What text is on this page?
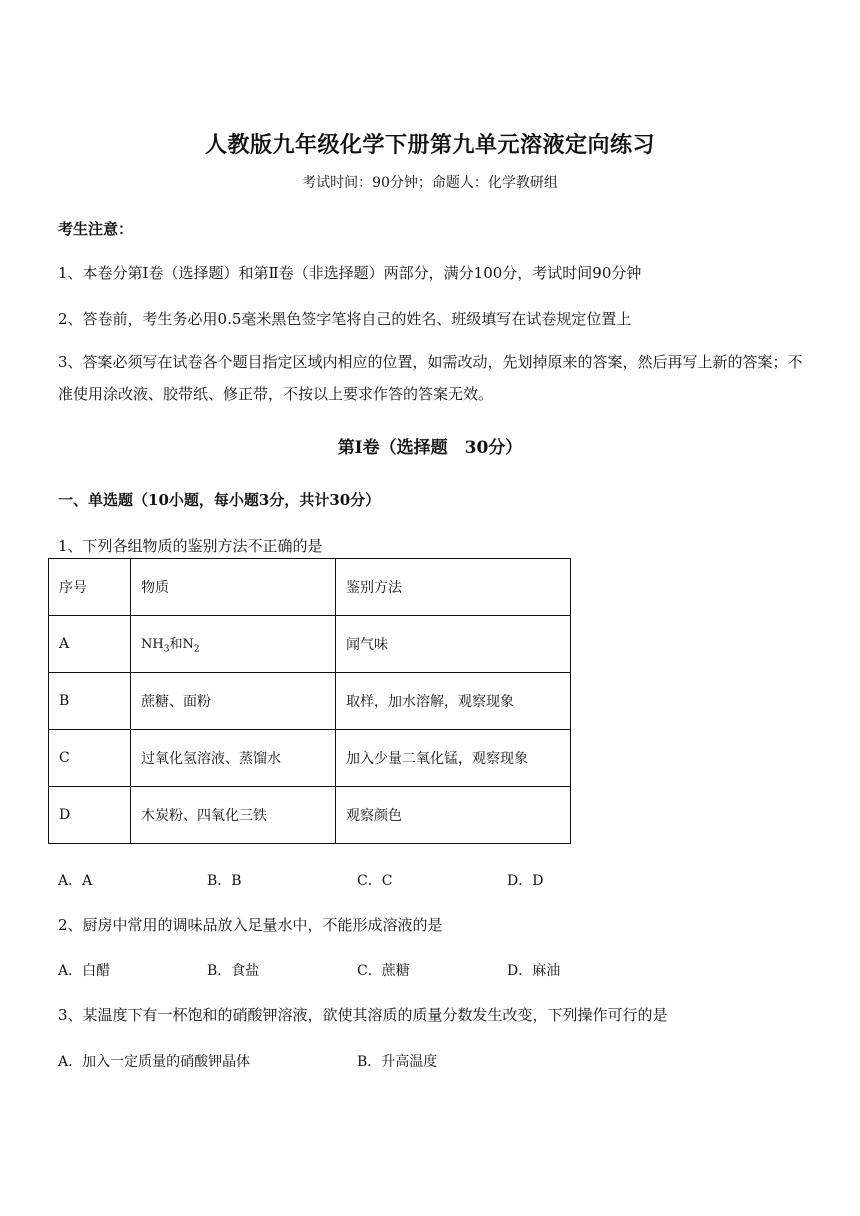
人教版九年级化学下册第九单元溶液定向练习
考试时间：90分钟；命题人：化学教研组
考生注意：
1、本卷分第I卷（选择题）和第Ⅱ卷（非选择题）两部分，满分100分，考试时间90分钟
2、答卷前，考生务必用0.5毫米黑色签字笔将自己的姓名、班级填写在试卷规定位置上
3、答案必须写在试卷各个题目指定区域内相应的位置，如需改动，先划掉原来的答案，然后再写上新的答案；不准使用涂改液、胶带纸、修正带，不按以上要求作答的答案无效。
第I卷（选择题　30分）
一、单选题（10小题，每小题3分，共计30分）
1、下列各组物质的鉴别方法不正确的是
序号	物质	鉴别方法
A	$NH_3$和$N_2$	闻气味
B	蔗糖、面粉	取样，加水溶解，观察现象
C	过氧化氢溶液、蒸馏水	加入少量二氧化锰，观察现象
D	木炭粉、四氧化三铁	观察颜色
A．A	B．B	C．C	D．D
2、厨房中常用的调味品放入足量水中，不能形成溶液的是
A．白醋	B．食盐	C．蔗糖	D．麻油
3、某温度下有一杯饱和的硝酸钾溶液，欲使其溶质的质量分数发生改变，下列操作可行的是
A．加入一定质量的硝酸钾晶体	B．升高温度
